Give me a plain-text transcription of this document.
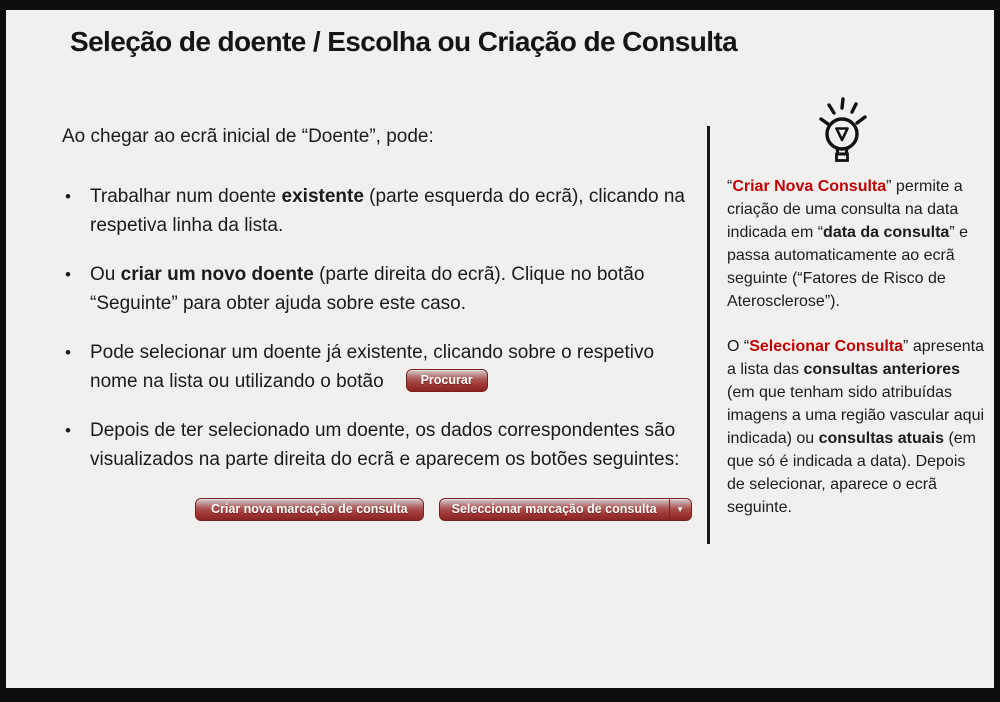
Seleção de doente / Escolha ou Criação de Consulta

Ao chegar ao ecrã inicial de “Doente”, pode:

• Trabalhar num doente existente (parte esquerda do ecrã), clicando na respetiva linha da lista.
• Ou criar um novo doente (parte direita do ecrã). Clique no botão “Seguinte” para obter ajuda sobre este caso.
• Pode selecionar um doente já existente, clicando sobre o respetivo nome na lista ou utilizando o botão	Procurar
• Depois de ter selecionado um doente, os dados correspondentes são visualizados na parte direita do ecrã e aparecem os botões seguintes:
Criar nova marcação de consulta	Seleccionar marcação de consulta	▼

“Criar Nova Consulta” permite a criação de uma consulta na data indicada em “data da consulta” e passa automaticamente ao ecrã seguinte (“Fatores de Risco de Aterosclerose”).

O “Selecionar Consulta” apresenta a lista das consultas anteriores (em que tenham sido atribuídas imagens a uma região vascular aqui indicada) ou consultas atuais (em que só é indicada a data). Depois de selecionar, aparece o ecrã seguinte.
